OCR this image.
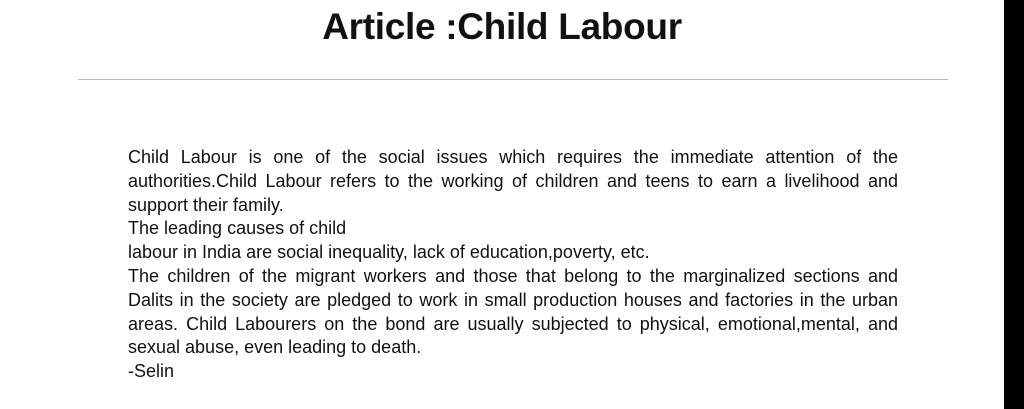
Article :Child Labour

Child Labour is one of the social issues which requires the immediate attention of the authorities.Child Labour refers to the working of children and teens to earn a livelihood and support their family.

The leading causes of child
labour in India are social inequality, lack of education,poverty, etc.

The children of the migrant workers and those that belong to the marginalized sections and Dalits in the society are pledged to work in small production houses and factories in the urban areas. Child Labourers on the bond are usually subjected to physical, emotional,mental, and sexual abuse, even leading to death.

-Selin
